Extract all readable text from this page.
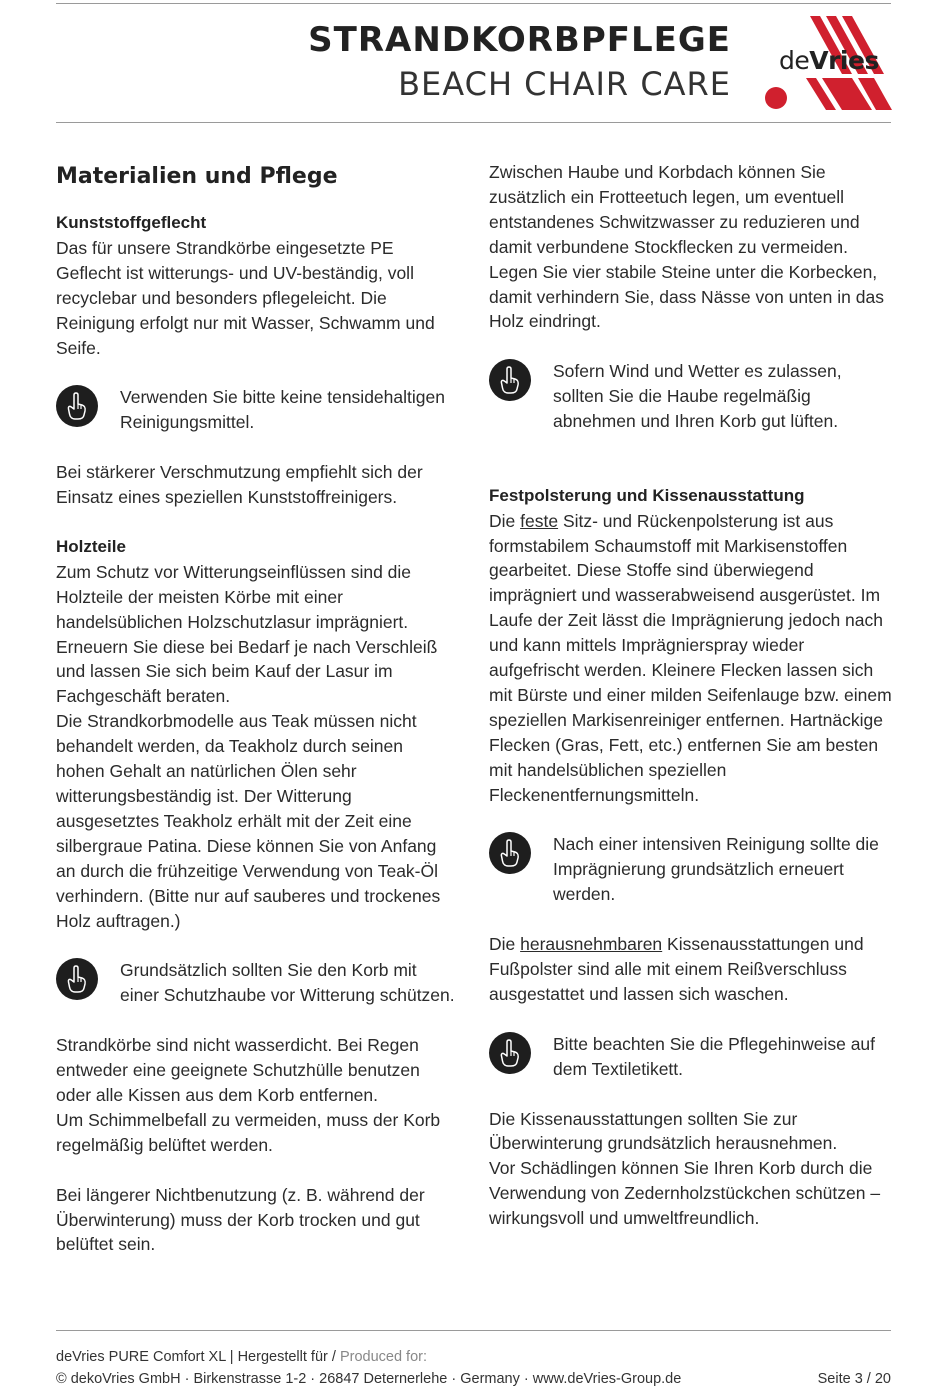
STRANDKORBPFLEGE
BEACH CHAIR CARE
deVries
Materialien und Pflege
Kunststoffgeflecht

Das für unsere Strandkörbe eingesetzte PE Geflecht ist witterungs- und UV-beständig, voll recyclebar und besonders pflegeleicht. Die Reinigung erfolgt nur mit Wasser, Schwamm und Seife.

Verwenden Sie bitte keine tensidehaltigen Reinigungsmittel.

Bei stärkerer Verschmutzung empfiehlt sich der Einsatz eines speziellen Kunststoffreinigers.

Holzteile

Zum Schutz vor Witterungseinflüssen sind die Holzteile der meisten Körbe mit einer handelsüblichen Holzschutzlasur imprägniert. Erneuern Sie diese bei Bedarf je nach Verschleiß und lassen Sie sich beim Kauf der Lasur im Fachgeschäft beraten.

Die Strandkorbmodelle aus Teak müssen nicht behandelt werden, da Teakholz durch seinen hohen Gehalt an natürlichen Ölen sehr witterungsbeständig ist. Der Witterung ausgesetztes Teakholz erhält mit der Zeit eine silbergraue Patina. Diese können Sie von Anfang an durch die frühzeitige Verwendung von Teak-Öl verhindern. (Bitte nur auf sauberes und trockenes Holz auftragen.)

Grundsätzlich sollten Sie den Korb mit einer Schutzhaube vor Witterung schützen.

Strandkörbe sind nicht wasserdicht. Bei Regen entweder eine geeignete Schutzhülle benutzen oder alle Kissen aus dem Korb entfernen.

Um Schimmelbefall zu vermeiden, muss der Korb regelmäßig belüftet werden.

Bei längerer Nichtbenutzung (z. B. während der Überwinterung) muss der Korb trocken und gut belüftet sein.

Zwischen Haube und Korbdach können Sie zusätzlich ein Frotteetuch legen, um eventuell entstandenes Schwitzwasser zu reduzieren und damit verbundene Stockflecken zu vermeiden.

Legen Sie vier stabile Steine unter die Korbecken, damit verhindern Sie, dass Nässe von unten in das Holz eindringt.

Sofern Wind und Wetter es zulassen, sollten Sie die Haube regelmäßig abnehmen und Ihren Korb gut lüften.

Festpolsterung und Kissenausstattung

Die feste Sitz- und Rückenpolsterung ist aus formstabilem Schaumstoff mit Markisenstoffen gearbeitet. Diese Stoffe sind überwiegend imprägniert und wasserabweisend ausgerüstet. Im Laufe der Zeit lässt die Imprägnierung jedoch nach und kann mittels Imprägnierspray wieder aufgefrischt werden. Kleinere Flecken lassen sich mit Bürste und einer milden Seifenlauge bzw. einem speziellen Markisenreiniger entfernen. Hartnäckige Flecken (Gras, Fett, etc.) entfernen Sie am besten mit handelsüblichen speziellen Fleckenentfernungsmitteln.

Nach einer intensiven Reinigung sollte die Imprägnierung grundsätzlich erneuert werden.

Die herausnehmbaren Kissenausstattungen und Fußpolster sind alle mit einem Reißverschluss ausgestattet und lassen sich waschen.

Bitte beachten Sie die Pflegehinweise auf dem Textiletikett.

Die Kissenausstattungen sollten Sie zur Überwinterung grundsätzlich herausnehmen.

Vor Schädlingen können Sie Ihren Korb durch die Verwendung von Zedernholzstückchen schützen – wirkungsvoll und umweltfreundlich.

deVries PURE Comfort XL | Hergestellt für / Produced for:
© dekoVries GmbH · Birkenstrasse 1-2 · 26847 Deternerlehe · Germany · www.deVries-Group.de	Seite 3 / 20
